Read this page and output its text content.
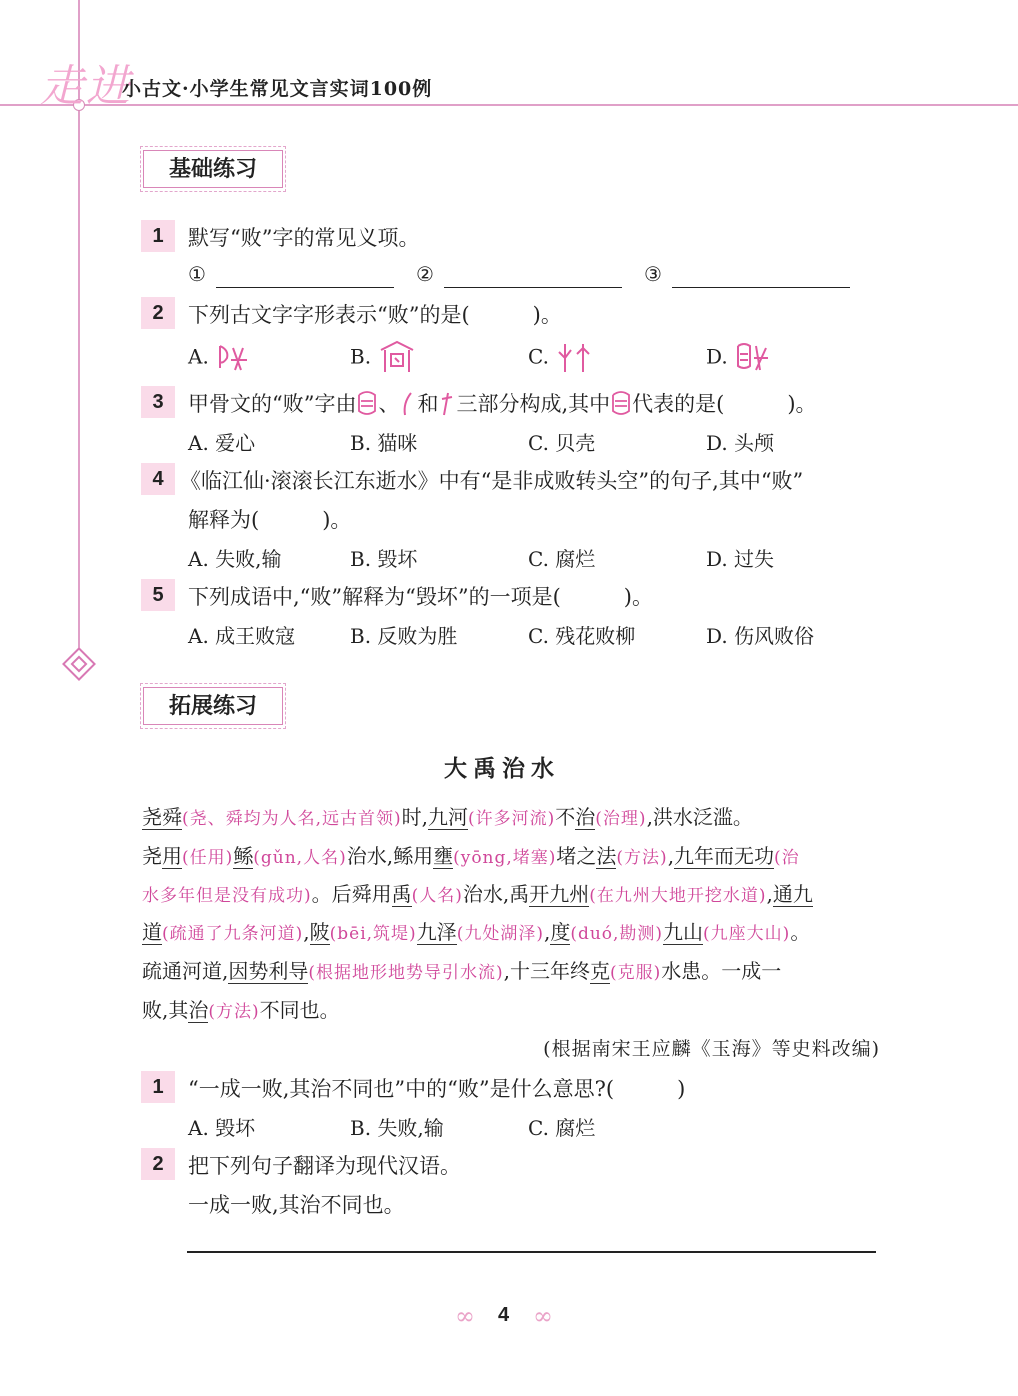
走进
小古文·小学生常见文言实词100例
基础练习
1	默写“败”字的常见义项。
①	②	③
2	下列古文字字形表示“败”的是(　　　)。
A.	B.	C.	D.
3	甲骨文的“败”字由 、 和 三部分构成,其中 代表的是(　　　)。
A. 爱心	B. 猫咪	C. 贝壳	D. 头颅
4 《临江仙·滚滚长江东逝水》中有“是非成败转头空”的句子,其中“败”
解释为(　　　)。
A. 失败,输	B. 毁坏	C. 腐烂	D. 过失
5	下列成语中,“败”解释为“毁坏”的一项是(　　　)。
A. 成王败寇	B. 反败为胜	C. 残花败柳	D. 伤风败俗
拓展练习
大禹治水
尧舜(尧、舜均为人名,远古首领)时,九河(许多河流)不治(治理),洪水泛滥。
尧用(任用)鲧(gǔn,人名)治水,鲧用壅(yōng,堵塞)堵之法(方法),九年而无功(治
水多年但是没有成功)。后舜用禹(人名)治水,禹开九州(在九州大地开挖水道),通九
道(疏通了九条河道),陂(bēi,筑堤)九泽(九处湖泽),度(duó,勘测)九山(九座大山)。
疏通河道,因势利导(根据地形地势导引水流),十三年终克(克服)水患。一成一
败,其治(方法)不同也。
(根据南宋王应麟《玉海》等史料改编)
1	“一成一败,其治不同也”中的“败”是什么意思?(　　　)
A. 毁坏	B. 失败,输	C. 腐烂
2	把下列句子翻译为现代汉语。
一成一败,其治不同也。
∞	4 ∞
